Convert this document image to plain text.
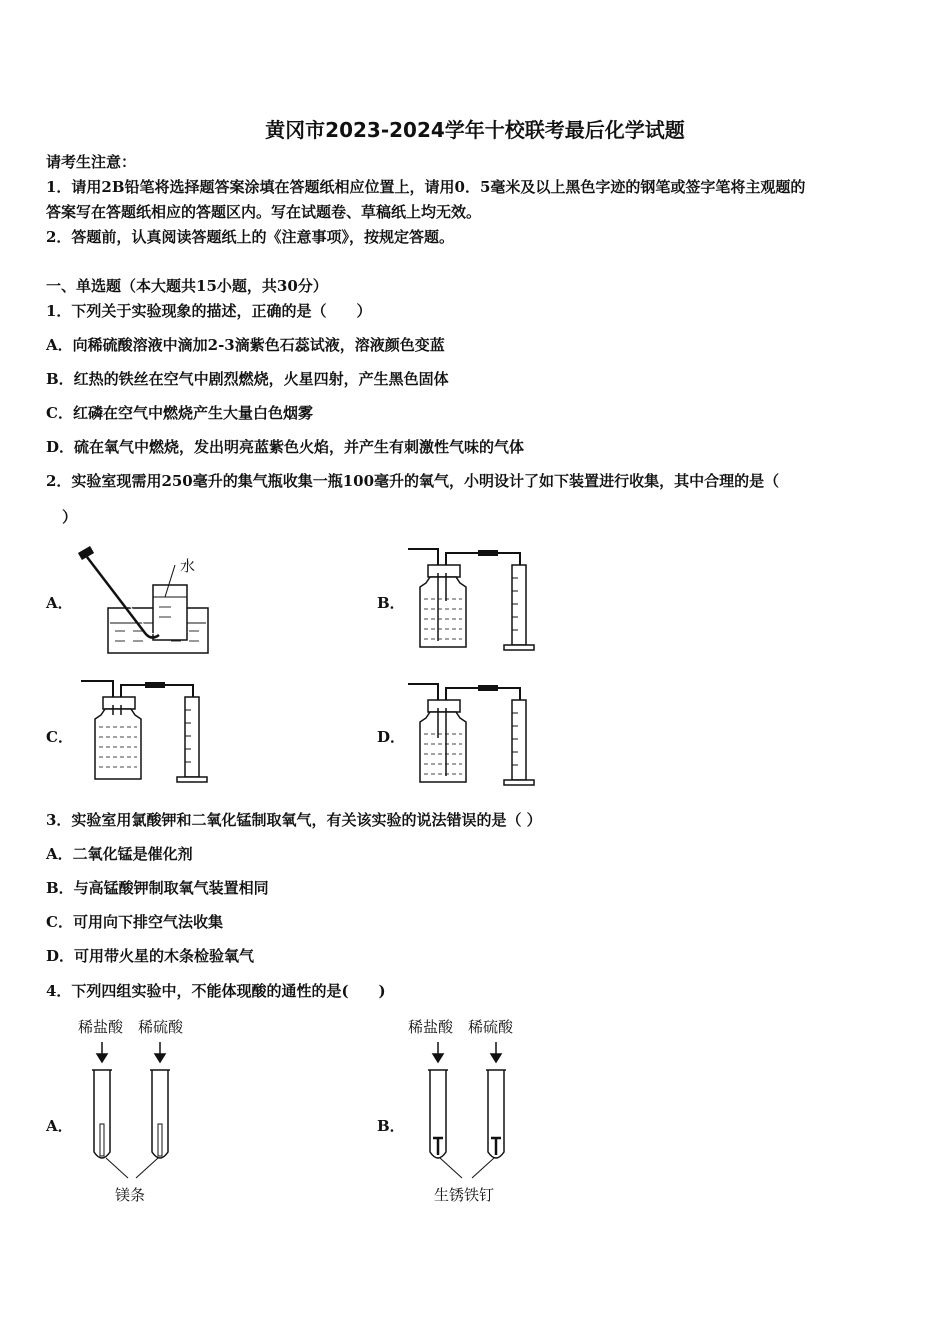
黄冈市2023-2024学年十校联考最后化学试题
请考生注意：
1．请用2B铅笔将选择题答案涂填在答题纸相应位置上，请用0．5毫米及以上黑色字迹的钢笔或签字笔将主观题的
答案写在答题纸相应的答题区内。写在试题卷、草稿纸上均无效。
2．答题前，认真阅读答题纸上的《注意事项》，按规定答题。
一、单选题（本大题共15小题，共30分）
1．下列关于实验现象的描述，正确的是（　　）
A．向稀硫酸溶液中滴加2-3滴紫色石蕊试液，溶液颜色变蓝
B．红热的铁丝在空气中剧烈燃烧，火星四射，产生黑色固体
C．红磷在空气中燃烧产生大量白色烟雾
D．硫在氧气中燃烧，发出明亮蓝紫色火焰，并产生有刺激性气味的气体
2．实验室现需用250毫升的集气瓶收集一瓶100毫升的氧气，小明设计了如下装置进行收集，其中合理的是（
）
A．	B．
C．	D．
水
3．实验室用氯酸钾和二氧化锰制取氧气，有关该实验的说法错误的是（ ）
A．二氧化锰是催化剂
B．与高锰酸钾制取氧气装置相同
C．可用向下排空气法收集
D．可用带火星的木条检验氧气
4．下列四组实验中，不能体现酸的通性的是(　　)
A．	B．
稀盐酸 稀硫酸
镁条
稀盐酸 稀硫酸
生锈铁钉
